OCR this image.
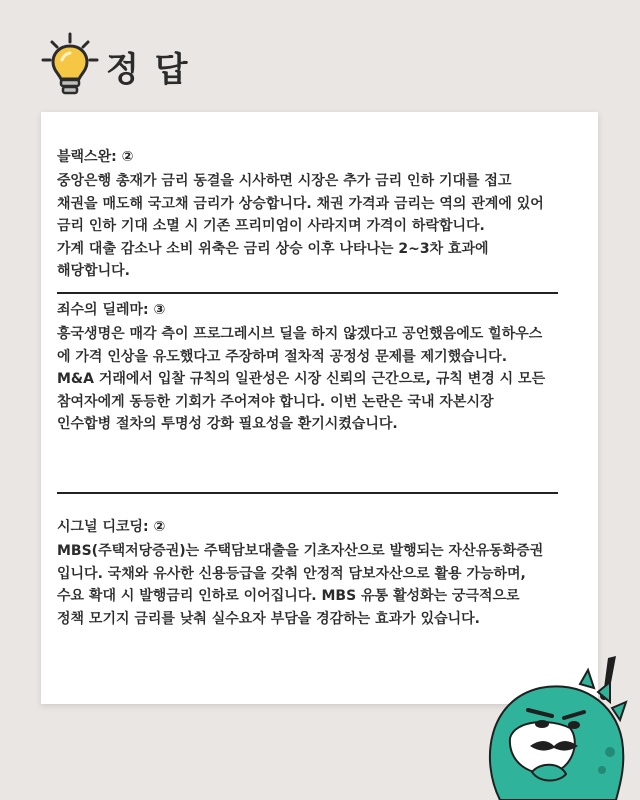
정 답
블랙스완: ②
중앙은행 총재가 금리 동결을 시사하면 시장은 추가 금리 인하 기대를 접고
채권을 매도해 국고채 금리가 상승합니다. 채권 가격과 금리는 역의 관계에 있어
금리 인하 기대 소멸 시 기존 프리미엄이 사라지며 가격이 하락합니다.
가계 대출 감소나 소비 위축은 금리 상승 이후 나타나는 2~3차 효과에
해당합니다.
죄수의 딜레마: ③
흥국생명은 매각 측이 프로그레시브 딜을 하지 않겠다고 공언했음에도 힐하우스
에 가격 인상을 유도했다고 주장하며 절차적 공정성 문제를 제기했습니다.
M&A 거래에서 입찰 규칙의 일관성은 시장 신뢰의 근간으로, 규칙 변경 시 모든
참여자에게 동등한 기회가 주어져야 합니다. 이번 논란은 국내 자본시장
인수합병 절차의 투명성 강화 필요성을 환기시켰습니다.
시그널 디코딩: ②
MBS(주택저당증권)는 주택담보대출을 기초자산으로 발행되는 자산유동화증권
입니다. 국채와 유사한 신용등급을 갖춰 안정적 담보자산으로 활용 가능하며,
수요 확대 시 발행금리 인하로 이어집니다. MBS 유통 활성화는 궁극적으로
정책 모기지 금리를 낮춰 실수요자 부담을 경감하는 효과가 있습니다.
